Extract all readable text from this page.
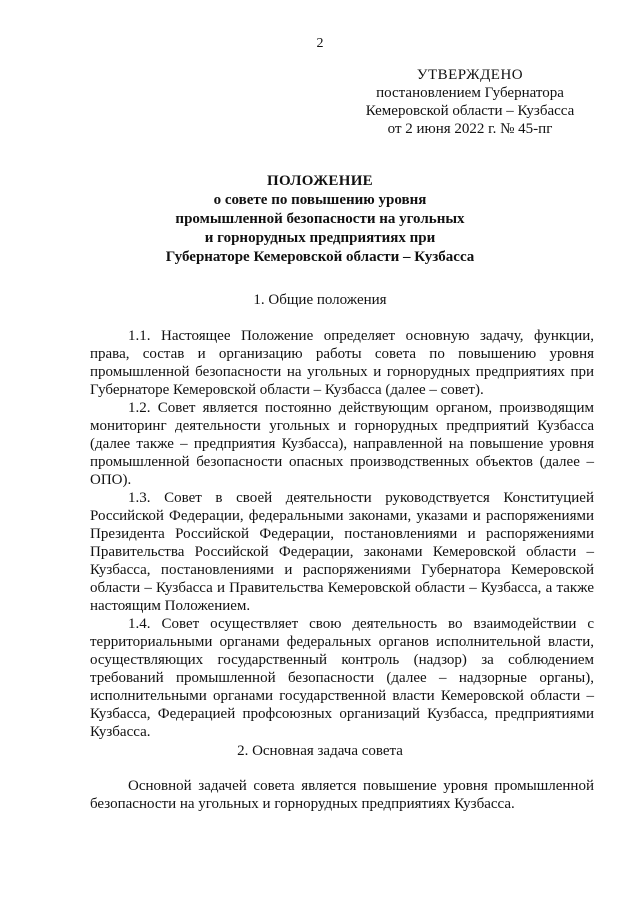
2
УТВЕРЖДЕНО
постановлением Губернатора
Кемеровской области – Кузбасса
от 2 июня 2022 г. № 45-пг
ПОЛОЖЕНИЕ
о совете по повышению уровня
промышленной безопасности на угольных
и горнорудных предприятиях при
Губернаторе Кемеровской области – Кузбасса
1. Общие положения

1.1. Настоящее Положение определяет основную задачу, функции, права, состав и организацию работы совета по повышению уровня промышленной безопасности на угольных и горнорудных предприятиях при Губернаторе Кемеровской области – Кузбасса (далее – совет).

1.2. Совет является постоянно действующим органом, производящим мониторинг деятельности угольных и горнорудных предприятий Кузбасса (далее также – предприятия Кузбасса), направленной на повышение уровня промышленной безопасности опасных производственных объектов (далее – ОПО).

1.3. Совет в своей деятельности руководствуется Конституцией Российской Федерации, федеральными законами, указами и распоряжениями Президента Российской Федерации, постановлениями и распоряжениями Правительства Российской Федерации, законами Кемеровской области – Кузбасса, постановлениями и распоряжениями Губернатора Кемеровской области – Кузбасса и Правительства Кемеровской области – Кузбасса, а также настоящим Положением.

1.4. Совет осуществляет свою деятельность во взаимодействии с территориальными органами федеральных органов исполнительной власти, осуществляющих государственный контроль (надзор) за соблюдением требований промышленной безопасности (далее – надзорные органы), исполнительными органами государственной власти Кемеровской области – Кузбасса, Федерацией профсоюзных организаций Кузбасса, предприятиями Кузбасса.

2. Основная задача совета

Основной задачей совета является повышение уровня промышленной безопасности на угольных и горнорудных предприятиях Кузбасса.
